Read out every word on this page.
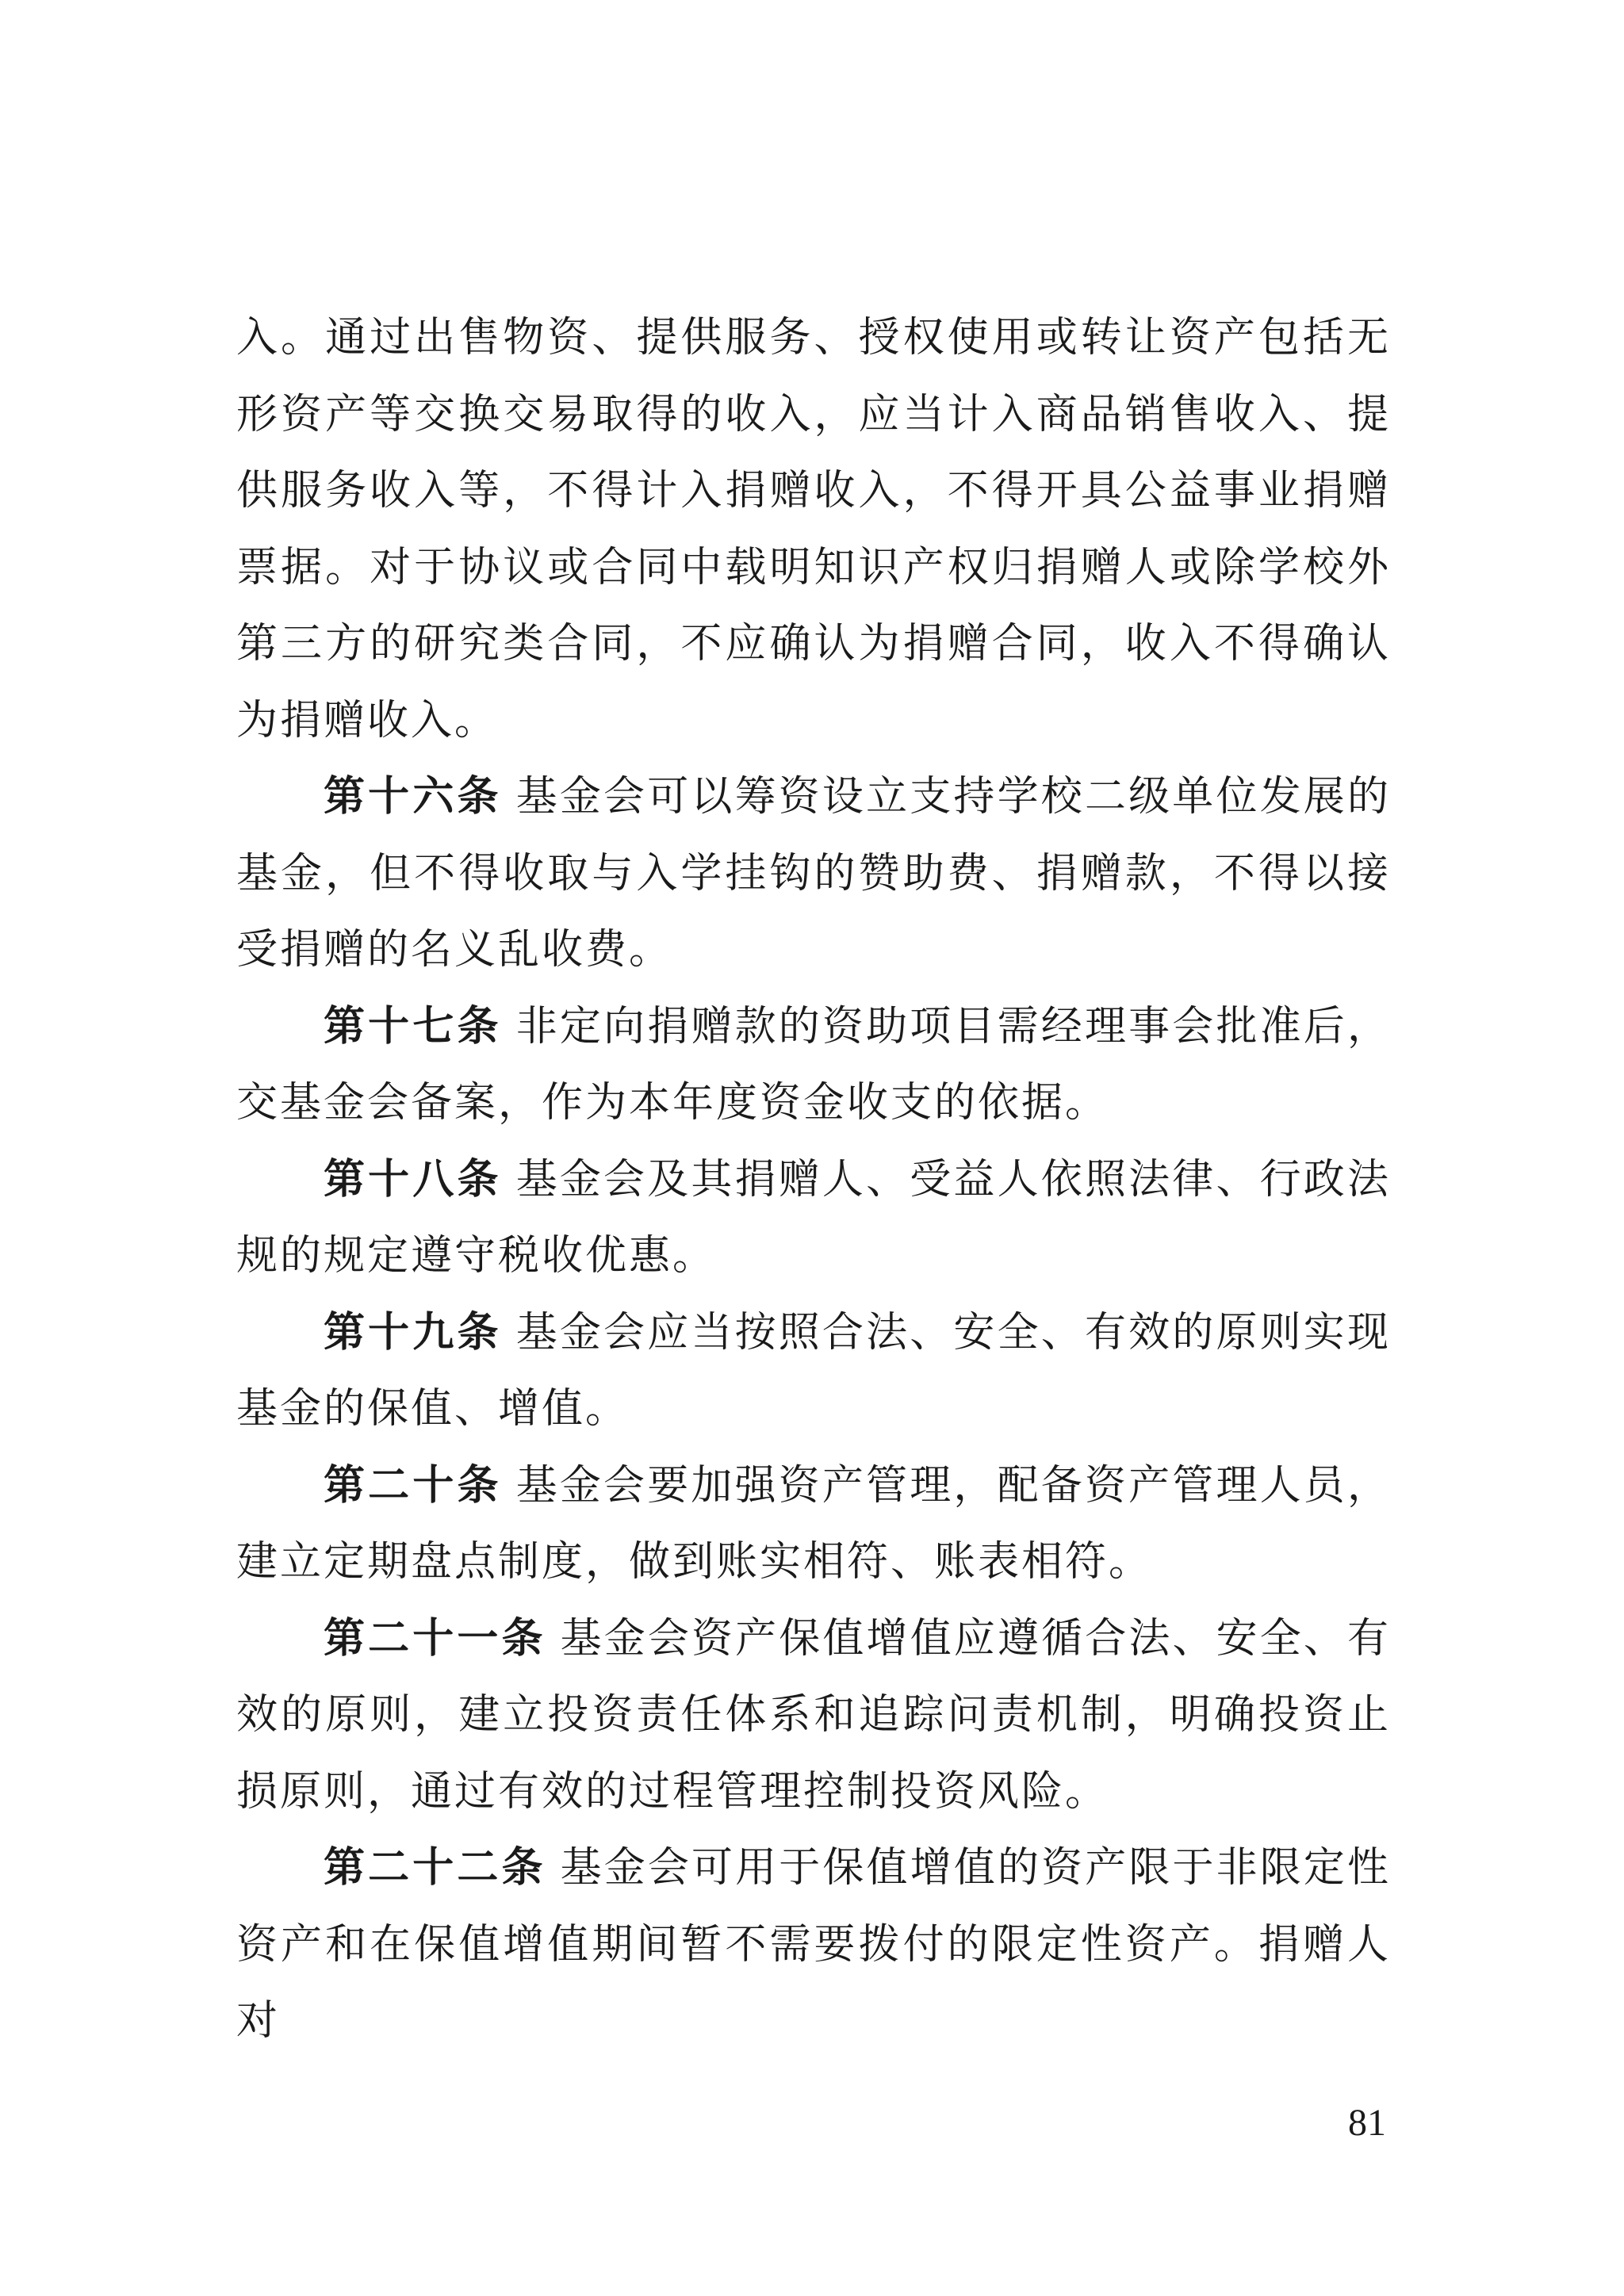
入。通过出售物资、提供服务、授权使用或转让资产包括无形资产等交换交易取得的收入，应当计入商品销售收入、提供服务收入等，不得计入捐赠收入，不得开具公益事业捐赠票据。对于协议或合同中载明知识产权归捐赠人或除学校外第三方的研究类合同，不应确认为捐赠合同，收入不得确认为捐赠收入。

第十六条 基金会可以筹资设立支持学校二级单位发展的基金，但不得收取与入学挂钩的赞助费、捐赠款，不得以接受捐赠的名义乱收费。

第十七条 非定向捐赠款的资助项目需经理事会批准后，交基金会备案，作为本年度资金收支的依据。

第十八条 基金会及其捐赠人、受益人依照法律、行政法规的规定遵守税收优惠。

第十九条 基金会应当按照合法、安全、有效的原则实现基金的保值、增值。

第二十条 基金会要加强资产管理，配备资产管理人员，建立定期盘点制度，做到账实相符、账表相符。

第二十一条 基金会资产保值增值应遵循合法、安全、有效的原则，建立投资责任体系和追踪问责机制，明确投资止损原则，通过有效的过程管理控制投资风险。

第二十二条 基金会可用于保值增值的资产限于非限定性资产和在保值增值期间暂不需要拨付的限定性资产。捐赠人对

81
